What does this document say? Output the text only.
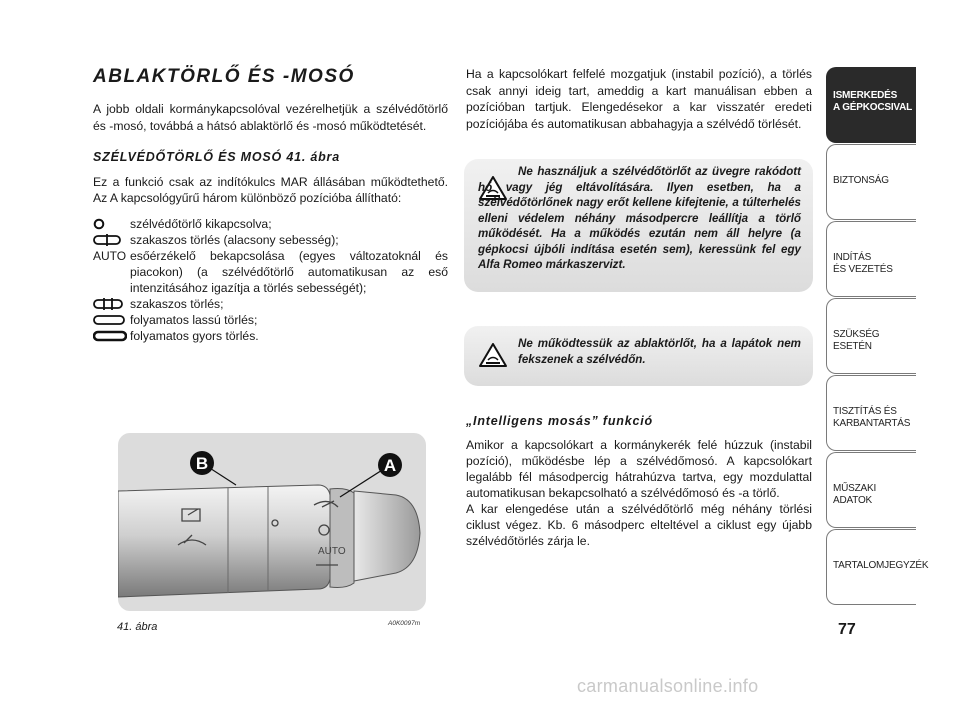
ABLAKTÖRLŐ ÉS -MOSÓ

A jobb oldali kormánykapcsolóval vezérelhetjük a szélvédőtörlő és -mosó, továbbá a hátsó ablaktörlő és -mosó működtetését.

SZÉLVÉDŐTÖRLŐ ÉS MOSÓ 41. ábra

Ez a funkció csak az indítókulcs MAR állásában működtethető. Az A kapcsológyűrű három különböző pozícióba állítható:

szélvédőtörlő kikapcsolva;
szakaszos törlés (alacsony sebesség);
AUTO esőérzékelő bekapcsolása (egyes változatoknál és piacokon) (a szélvédőtörlő automatikusan az eső intenzitásához igazítja a törlés sebességét);
szakaszos törlés;
folyamatos lassú törlés;
folyamatos gyors törlés.
B	A
AUTO
41. ábra	A0K0097m

Ha a kapcsolókart felfelé mozgatjuk (instabil pozíció), a törlés csak annyi ideig tart, ameddig a kart manuálisan ebben a pozícióban tartjuk. Elengedésekor a kar visszatér eredeti pozíciójába és automatikusan abbahagyja a szélvédő törlését.

Ne használjuk a szélvédőtörlőt az üvegre rakódott hó vagy jég eltávolítására. Ilyen esetben, ha a szélvédőtörlőnek nagy erőt kellene kifejtenie, a túlterhelés elleni védelem néhány másodpercre leállítja a törlő működését. Ha a működés ezután nem áll helyre (a gépkocsi újbóli indítása esetén sem), keressünk fel egy Alfa Romeo márkaszervizt.

Ne működtessük az ablaktörlőt, ha a lapátok nem fekszenek a szélvédőn.

„Intelligens mosás” funkció

Amikor a kapcsolókart a kormánykerék felé húzzuk (instabil pozíció), működésbe lép a szélvédőmosó. A kapcsolókart legalább fél másodpercig hátrahúzva tartva, egy mozdulattal automatikusan bekapcsolható a szélvédőmosó és -a törlő.

A kar elengedése után a szélvédőtörlő még néhány törlési ciklust végez. Kb. 6 másodperc elteltével a ciklust egy újabb szélvédőtörlés zárja le.

ISMERKEDÉS
A GÉPKOCSIVAL
BIZTONSÁG
INDÍTÁS
ÉS VEZETÉS
SZÜKSÉG
ESETÉN
TISZTÍTÁS ÉS
KARBANTARTÁS
MŰSZAKI
ADATOK
TARTALOMJEGYZÉK
77
carmanualsonline.info
